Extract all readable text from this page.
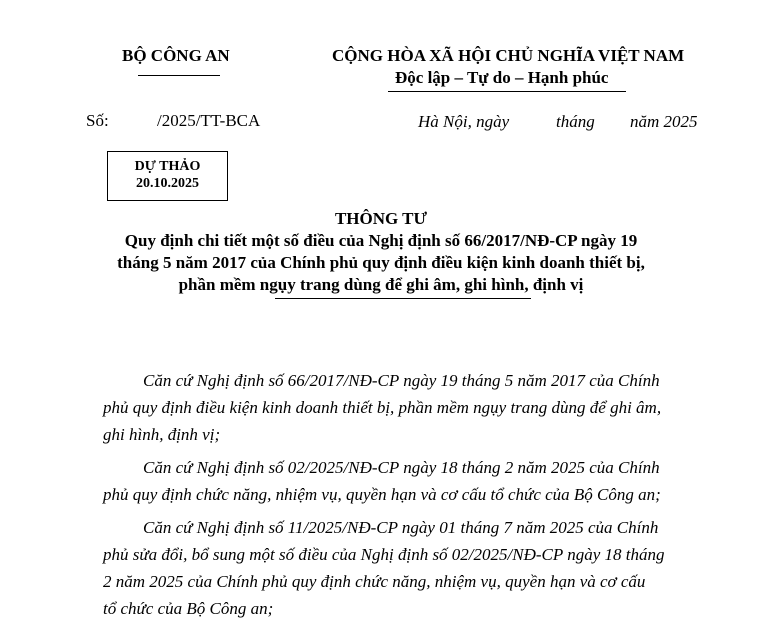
BỘ CÔNG AN	CỘNG HÒA XÃ HỘI CHỦ NGHĨA VIỆT NAM
Độc lập – Tự do – Hạnh phúc
Số:	/2025/TT-BCA	Hà Nội, ngày	tháng năm 2025
DỰ THẢO
20.10.2025
THÔNG TƯ
Quy định chi tiết một số điều của Nghị định số 66/2017/NĐ-CP ngày 19
tháng 5 năm 2017 của Chính phủ quy định điều kiện kinh doanh thiết bị,
phần mềm ngụy trang dùng để ghi âm, ghi hình, định vị
Căn cứ Nghị định số 66/2017/NĐ-CP ngày 19 tháng 5 năm 2017 của Chính
phủ quy định điều kiện kinh doanh thiết bị, phần mềm ngụy trang dùng để ghi âm,
ghi hình, định vị;
Căn cứ Nghị định số 02/2025/NĐ-CP ngày 18 tháng 2 năm 2025 của Chính
phủ quy định chức năng, nhiệm vụ, quyền hạn và cơ cấu tổ chức của Bộ Công an;
Căn cứ Nghị định số 11/2025/NĐ-CP ngày 01 tháng 7 năm 2025 của Chính
phủ sửa đổi, bổ sung một số điều của Nghị định số 02/2025/NĐ-CP ngày 18 tháng
2 năm 2025 của Chính phủ quy định chức năng, nhiệm vụ, quyền hạn và cơ cấu
tổ chức của Bộ Công an;
